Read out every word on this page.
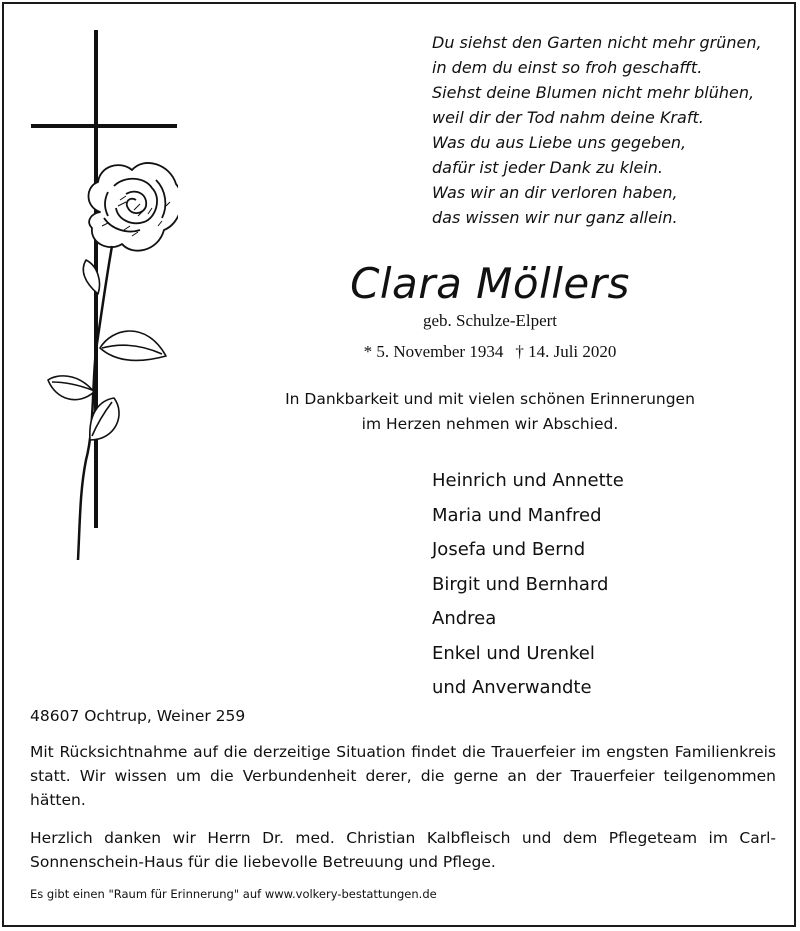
Du siehst den Garten nicht mehr grünen,
in dem du einst so froh geschafft.
Siehst deine Blumen nicht mehr blühen,
weil dir der Tod nahm deine Kraft.
Was du aus Liebe uns gegeben,
dafür ist jeder Dank zu klein.
Was wir an dir verloren haben,
das wissen wir nur ganz allein.
Clara Möllers
geb. Schulze-Elpert
* 5. November 1934 † 14. Juli 2020
In Dankbarkeit und mit vielen schönen Erinnerungen
im Herzen nehmen wir Abschied.
Heinrich und Annette
Maria und Manfred
Josefa und Bernd
Birgit und Bernhard
Andrea
Enkel und Urenkel
und Anverwandte
48607 Ochtrup, Weiner 259
Mit Rücksichtnahme auf die derzeitige Situation findet die Trauerfeier im engsten Familienkreis statt. Wir wissen um die Verbundenheit derer, die gerne an der Trauerfeier teilgenommen hätten.
Herzlich danken wir Herrn Dr. med. Christian Kalbfleisch und dem Pflegeteam im Carl-Sonnenschein-Haus für die liebevolle Betreuung und Pflege.
Es gibt einen "Raum für Erinnerung" auf www.volkery-bestattungen.de
